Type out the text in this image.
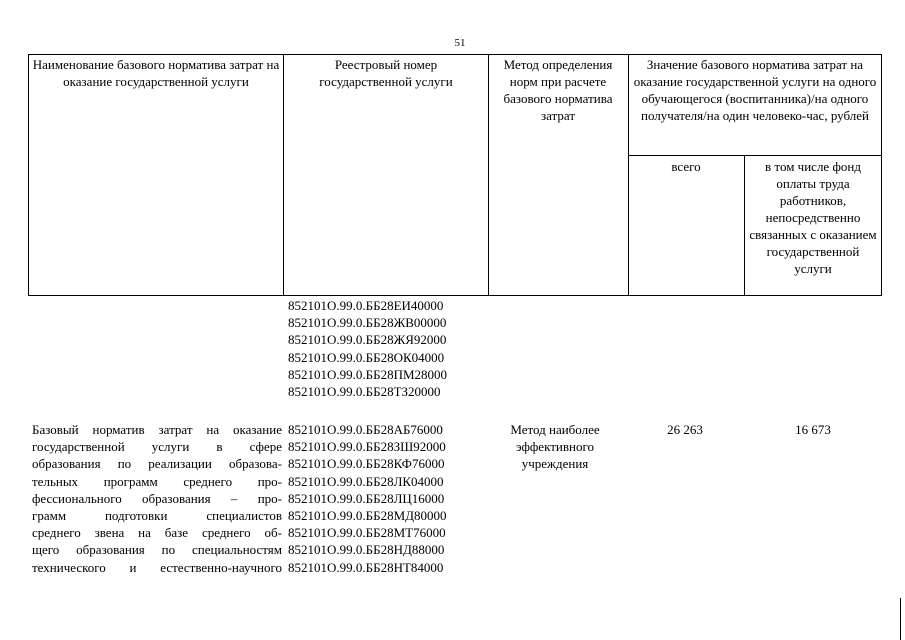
51
Наименование базового норматива затрат на оказание государственной услуги
Реестровый номер государственной услуги
Метод определения норм при расчете базового норматива затрат
Значение базового норматива затрат на оказание государственной услуги на одного обучающегося (воспитанника)/на одного получателя/на один человеко-час, рублей
всего	в том числе фонд оплаты труда работников, непосредственно связанных с оказанием государственной услуги
852101О.99.0.ББ28ЕИ40000
852101О.99.0.ББ28ЖВ00000
852101О.99.0.ББ28ЖЯ92000
852101О.99.0.ББ28ОК04000
852101О.99.0.ББ28ПМ28000
852101О.99.0.ББ28ТЗ20000
Базовый норматив затрат на оказание
государственной услуги в сфере
образования по реализации образова-
тельных программ среднего про-
фессионального образования – про-
грамм подготовки специалистов
среднего звена на базе среднего об-
щего образования по специальностям
технического и естественно-научного
852101О.99.0.ББ28АБ76000
852101О.99.0.ББ28ЗШ92000
852101О.99.0.ББ28КФ76000
852101О.99.0.ББ28ЛК04000
852101О.99.0.ББ28ЛЦ16000
852101О.99.0.ББ28МД80000
852101О.99.0.ББ28МТ76000
852101О.99.0.ББ28НД88000
852101О.99.0.ББ28НТ84000
Метод наиболее эффективного учреждения
26 263	16 673
